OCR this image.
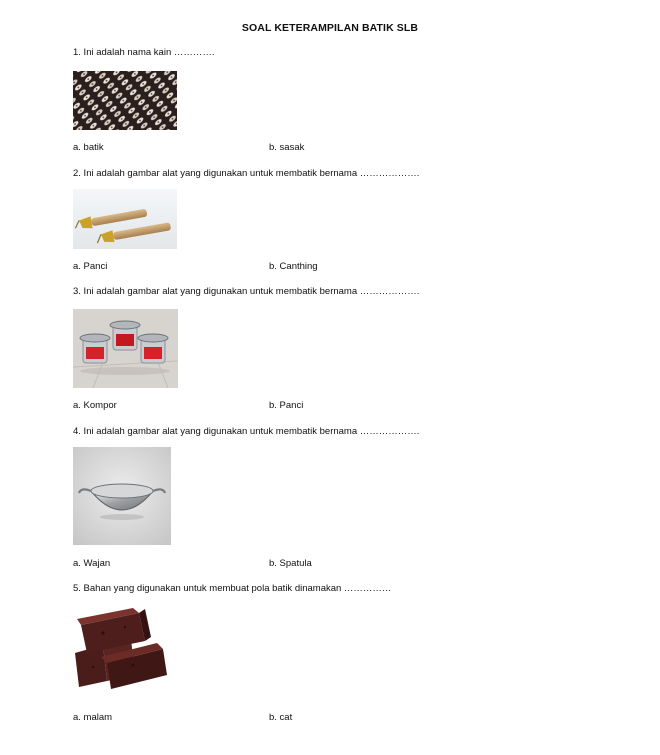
SOAL KETERAMPILAN BATIK SLB
1. Ini adalah nama kain ………….
a. batik	b. sasak
2. Ini adalah gambar alat yang digunakan untuk membatik bernama ……………….
a. Panci	b. Canthing
3. Ini adalah gambar alat yang digunakan untuk membatik bernama ……………….
a. Kompor	b. Panci
4. Ini adalah gambar alat yang digunakan untuk membatik bernama ……………….
a. Wajan	b. Spatula
5. Bahan yang digunakan untuk membuat pola batik dinamakan ……………
a. malam	b. cat
